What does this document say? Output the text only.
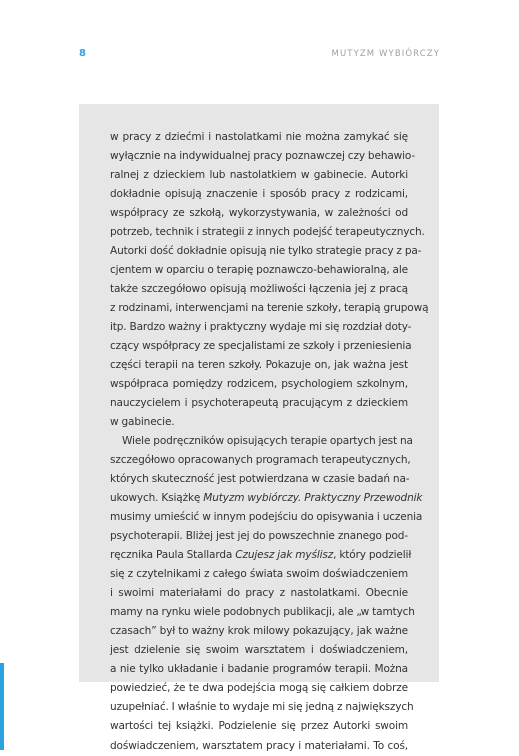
8	MUTYZM WYBIÓRCZY
w pracy z dziećmi i nastolatkami nie można zamykać się
wyłącznie na indywidualnej pracy poznawczej czy behawio-
ralnej z dzieckiem lub nastolatkiem w gabinecie. Autorki
dokładnie opisują znaczenie i sposób pracy z rodzicami,
współpracy ze szkołą, wykorzystywania, w zależności od
potrzeb, technik i strategii z innych podejść terapeutycznych.
Autorki dość dokładnie opisują nie tylko strategie pracy z pa-
cjentem w oparciu o terapię poznawczo-behawioralną, ale
także szczegółowo opisują możliwości łączenia jej z pracą
z rodzinami, interwencjami na terenie szkoły, terapią grupową
itp. Bardzo ważny i praktyczny wydaje mi się rozdział doty-
czący współpracy ze specjalistami ze szkoły i przeniesienia
części terapii na teren szkoły. Pokazuje on, jak ważna jest
współpraca pomiędzy rodzicem, psychologiem szkolnym,
nauczycielem i psychoterapeutą pracującym z dzieckiem
w gabinecie.
Wiele podręczników opisujących terapie opartych jest na
szczegółowo opracowanych programach terapeutycznych,
których skuteczność jest potwierdzana w czasie badań na-
ukowych. Książkę Mutyzm wybiórczy. Praktyczny Przewodnik
musimy umieścić w innym podejściu do opisywania i uczenia
psychoterapii. Bliżej jest jej do powszechnie znanego pod-
ręcznika Paula Stallarda Czujesz jak myślisz, który podzielił
się z czytelnikami z całego świata swoim doświadczeniem
i swoimi materiałami do pracy z nastolatkami. Obecnie
mamy na rynku wiele podobnych publikacji, ale „w tamtych
czasach” był to ważny krok milowy pokazujący, jak ważne
jest dzielenie się swoim warsztatem i doświadczeniem,
a nie tylko układanie i badanie programów terapii. Można
powiedzieć, że te dwa podejścia mogą się całkiem dobrze
uzupełniać. I właśnie to wydaje mi się jedną z największych
wartości tej książki. Podzielenie się przez Autorki swoim
doświadczeniem, warsztatem pracy i materiałami. To coś,
